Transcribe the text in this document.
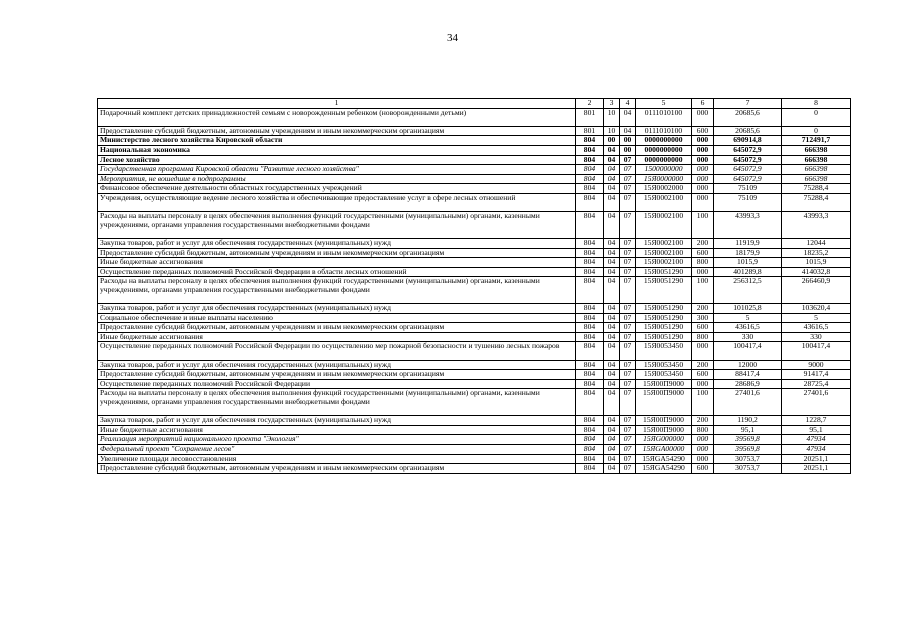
34
1	2	3	4	5	6	7	8
Подарочный комплект детских принадлежностей семьям с новорожденным ребенком (новорожденными детьми)	801	10	04	0111010100	000	20685,6	0
Предоставление субсидий бюджетным, автономным учреждениям и иным некоммерческим организациям	801	10	04	0111010100	600	20685,6	0
Министерство лесного хозяйства Кировской области	804	00	00	0000000000	000	690914,8	712491,7
Национальная экономика	804	04	00	0000000000	000	645072,9	666398
Лесное хозяйство	804	04	07	0000000000	000	645072,9	666398
Государственная программа Кировской области "Развитие лесного хозяйства"	804	04	07	1500000000	000	645072,9	666398
Мероприятия, не вошедшие в подпрограммы	804	04	07	15Я0000000	000	645072,9	666398
Финансовое обеспечение деятельности областных государственных учреждений	804	04	07	15Я0002000	000	75109	75288,4
Учреждения, осуществляющие ведение лесного хозяйства и обеспечивающие предоставление услуг в сфере лесных отношений	804	04	07	15Я0002100	000	75109	75288,4
Расходы на выплаты персоналу в целях обеспечения выполнения функций государственными (муниципальными) органами, казенными учреждениями, органами управления государственными внебюджетными фондами	804	04	07	15Я0002100	100	43993,3	43993,3
Закупка товаров, работ и услуг для обеспечения государственных (муниципальных) нужд	804	04	07	15Я0002100	200	11919,9	12044
Предоставление субсидий бюджетным, автономным учреждениям и иным некоммерческим организациям	804	04	07	15Я0002100	600	18179,9	18235,2
Иные бюджетные ассигнования	804	04	07	15Я0002100	800	1015,9	1015,9
Осуществление переданных полномочий Российской Федерации в области лесных отношений	804	04	07	15Я0051290	000	401289,8	414032,8
Расходы на выплаты персоналу в целях обеспечения выполнения функций государственными (муниципальными) органами, казенными учреждениями, органами управления государственными внебюджетными фондами	804	04	07	15Я0051290	100	256312,5	266460,9
Закупка товаров, работ и услуг для обеспечения государственных (муниципальных) нужд	804	04	07	15Я0051290	200	101025,8	103620,4
Социальное обеспечение и иные выплаты населению	804	04	07	15Я0051290	300	5	5
Предоставление субсидий бюджетным, автономным учреждениям и иным некоммерческим организациям	804	04	07	15Я0051290	600	43616,5	43616,5
Иные бюджетные ассигнования	804	04	07	15Я0051290	800	330	330
Осуществление переданных полномочий Российской Федерации по осуществлению мер пожарной безопасности и тушению лесных пожаров	804	04	07	15Я0053450	000	100417,4	100417,4
Закупка товаров, работ и услуг для обеспечения государственных (муниципальных) нужд	804	04	07	15Я0053450	200	12000	9000
Предоставление субсидий бюджетным, автономным учреждениям и иным некоммерческим организациям	804	04	07	15Я0053450	600	88417,4	91417,4
Осуществление переданных полномочий Российской Федерации	804	04	07	15Я00П9000	000	28686,9	28725,4
Расходы на выплаты персоналу в целях обеспечения выполнения функций государственными (муниципальными) органами, казенными учреждениями, органами управления государственными внебюджетными фондами	804	04	07	15Я00П9000	100	27401,6	27401,6
Закупка товаров, работ и услуг для обеспечения государственных (муниципальных) нужд	804	04	07	15Я00П9000	200	1190,2	1228,7
Иные бюджетные ассигнования	804	04	07	15Я00П9000	800	95,1	95,1
Реализация мероприятий национального проекта "Экология"	804	04	07	15ЯG000000	000	39569,8	47934
Федеральный проект "Сохранение лесов"	804	04	07	15ЯGA00000	000	39569,8	47934
Увеличение площади лесовосстановления	804	04	07	15ЯGA54290	000	30753,7	20251,1
Предоставление субсидий бюджетным, автономным учреждениям и иным некоммерческим организациям	804	04	07	15ЯGA54290	600	30753,7	20251,1
